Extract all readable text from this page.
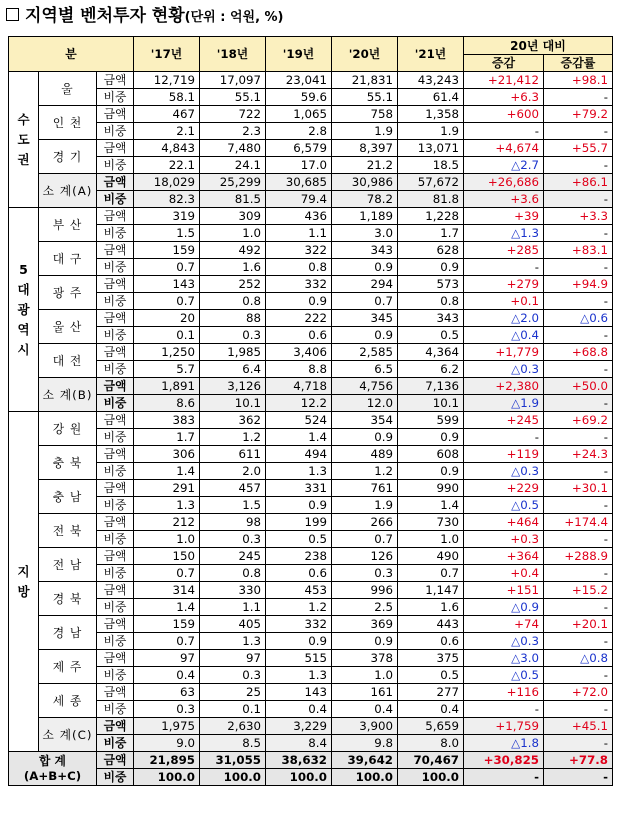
지역별 벤처투자 현황(단위 : 억원, %)
분			'17년	'18년	'19년	'20년	'21년	20년 대비	
								증감	증감률

수
도
권	울	금액	12,719	17,097	23,041	21,831	43,243	+21,412	+98.1
		비중	58.1	55.1	59.6	55.1	61.4	+6.3	-
	인 천	금액	467	722	1,065	758	1,358	+600	+79.2
		비중	2.1	2.3	2.8	1.9	1.9	-	-
	경 기	금액	4,843	7,480	6,579	8,397	13,071	+4,674	+55.7
		비중	22.1	24.1	17.0	21.2	18.5	△2.7	-
	소 계(A)	금액	18,029	25,299	30,685	30,986	57,672	+26,686	+86.1
		비중	82.3	81.5	79.4	78.2	81.8	+3.6	-

5
대
광
역
시	부 산	금액	319	309	436	1,189	1,228	+39	+3.3
		비중	1.5	1.0	1.1	3.0	1.7	△1.3	-
	대 구	금액	159	492	322	343	628	+285	+83.1
		비중	0.7	1.6	0.8	0.9	0.9	-	-
	광 주	금액	143	252	332	294	573	+279	+94.9
		비중	0.7	0.8	0.9	0.7	0.8	+0.1	-
	울 산	금액	20	88	222	345	343	△2.0	△0.6
		비중	0.1	0.3	0.6	0.9	0.5	△0.4	-
	대 전	금액	1,250	1,985	3,406	2,585	4,364	+1,779	+68.8
		비중	5.7	6.4	8.8	6.5	6.2	△0.3	-
	소 계(B)	금액	1,891	3,126	4,718	4,756	7,136	+2,380	+50.0
		비중	8.6	10.1	12.2	12.0	10.1	△1.9	-

지
방	강 원	금액	383	362	524	354	599	+245	+69.2
		비중	1.7	1.2	1.4	0.9	0.9	-	-
	충 북	금액	306	611	494	489	608	+119	+24.3
		비중	1.4	2.0	1.3	1.2	0.9	△0.3	-
	충 남	금액	291	457	331	761	990	+229	+30.1
		비중	1.3	1.5	0.9	1.9	1.4	△0.5	-
	전 북	금액	212	98	199	266	730	+464	+174.4
		비중	1.0	0.3	0.5	0.7	1.0	+0.3	-
	전 남	금액	150	245	238	126	490	+364	+288.9
		비중	0.7	0.8	0.6	0.3	0.7	+0.4	-
	경 북	금액	314	330	453	996	1,147	+151	+15.2
		비중	1.4	1.1	1.2	2.5	1.6	△0.9	-
	경 남	금액	159	405	332	369	443	+74	+20.1
		비중	0.7	1.3	0.9	0.9	0.6	△0.3	-
	제 주	금액	97	97	515	378	375	△3.0	△0.8
		비중	0.4	0.3	1.3	1.0	0.5	△0.5	-
	세 종	금액	63	25	143	161	277	+116	+72.0
		비중	0.3	0.1	0.4	0.4	0.4	-	-
	소 계(C)	금액	1,975	2,630	3,229	3,900	5,659	+1,759	+45.1
		비중	9.0	8.5	8.4	9.8	8.0	△1.8	-

합 계
(A+B+C)		금액	21,895	31,055	38,632	39,642	70,467	+30,825	+77.8
		비중	100.0	100.0	100.0	100.0	100.0	-	-
